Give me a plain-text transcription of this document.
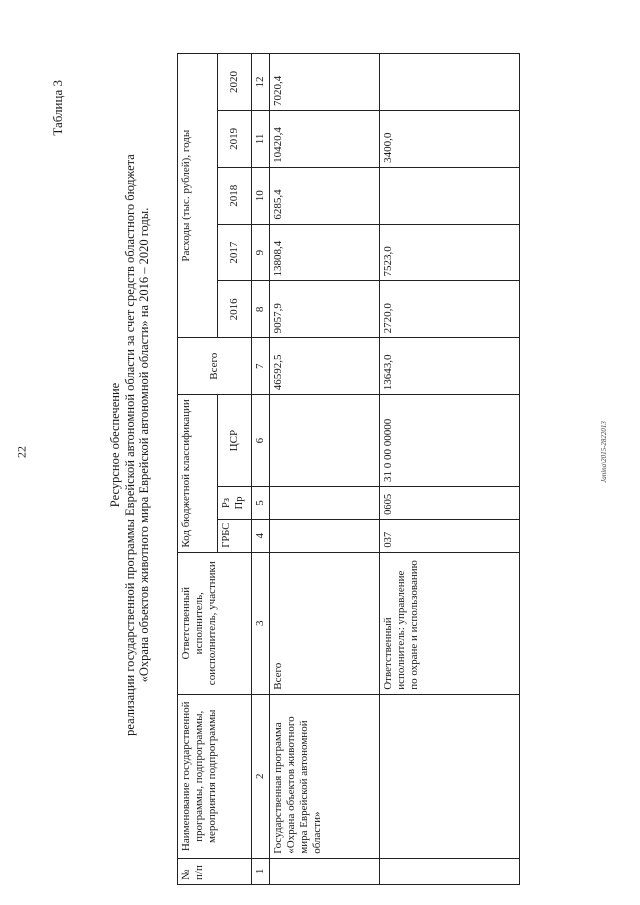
22	Janina\2015-2822013
Таблица 3
Ресурсное обеспечение реализации государственной программы Еврейской автономной области за счет средств областного бюджета «Охрана объектов животного мира Еврейской автономной области» на 2016 – 2020 годы.
№ п/п	Наименование государственной программы, подпрограммы, мероприятия подпрограммы	Ответственный исполнитель, соисполнитель, участники	Код бюджетной классификации			Всего	Расходы (тыс. рублей), годы				
			ГРБС	Рз Пр	ЦСР		2016	2017	2018	2019	2020
1	2	3	4	5	6	7	8	9	10	11	12
	Государственная программа «Охрана объектов животного мира Еврейской автономной области»	Всего				46592,5	9057,9	13808,4	6285,4	10420,4	7020,4
		Ответственный исполнитель: управление по охране и использованию	037	0605	31 0 00 00000	13643,0	2720,0	7523,0		3400,0	
